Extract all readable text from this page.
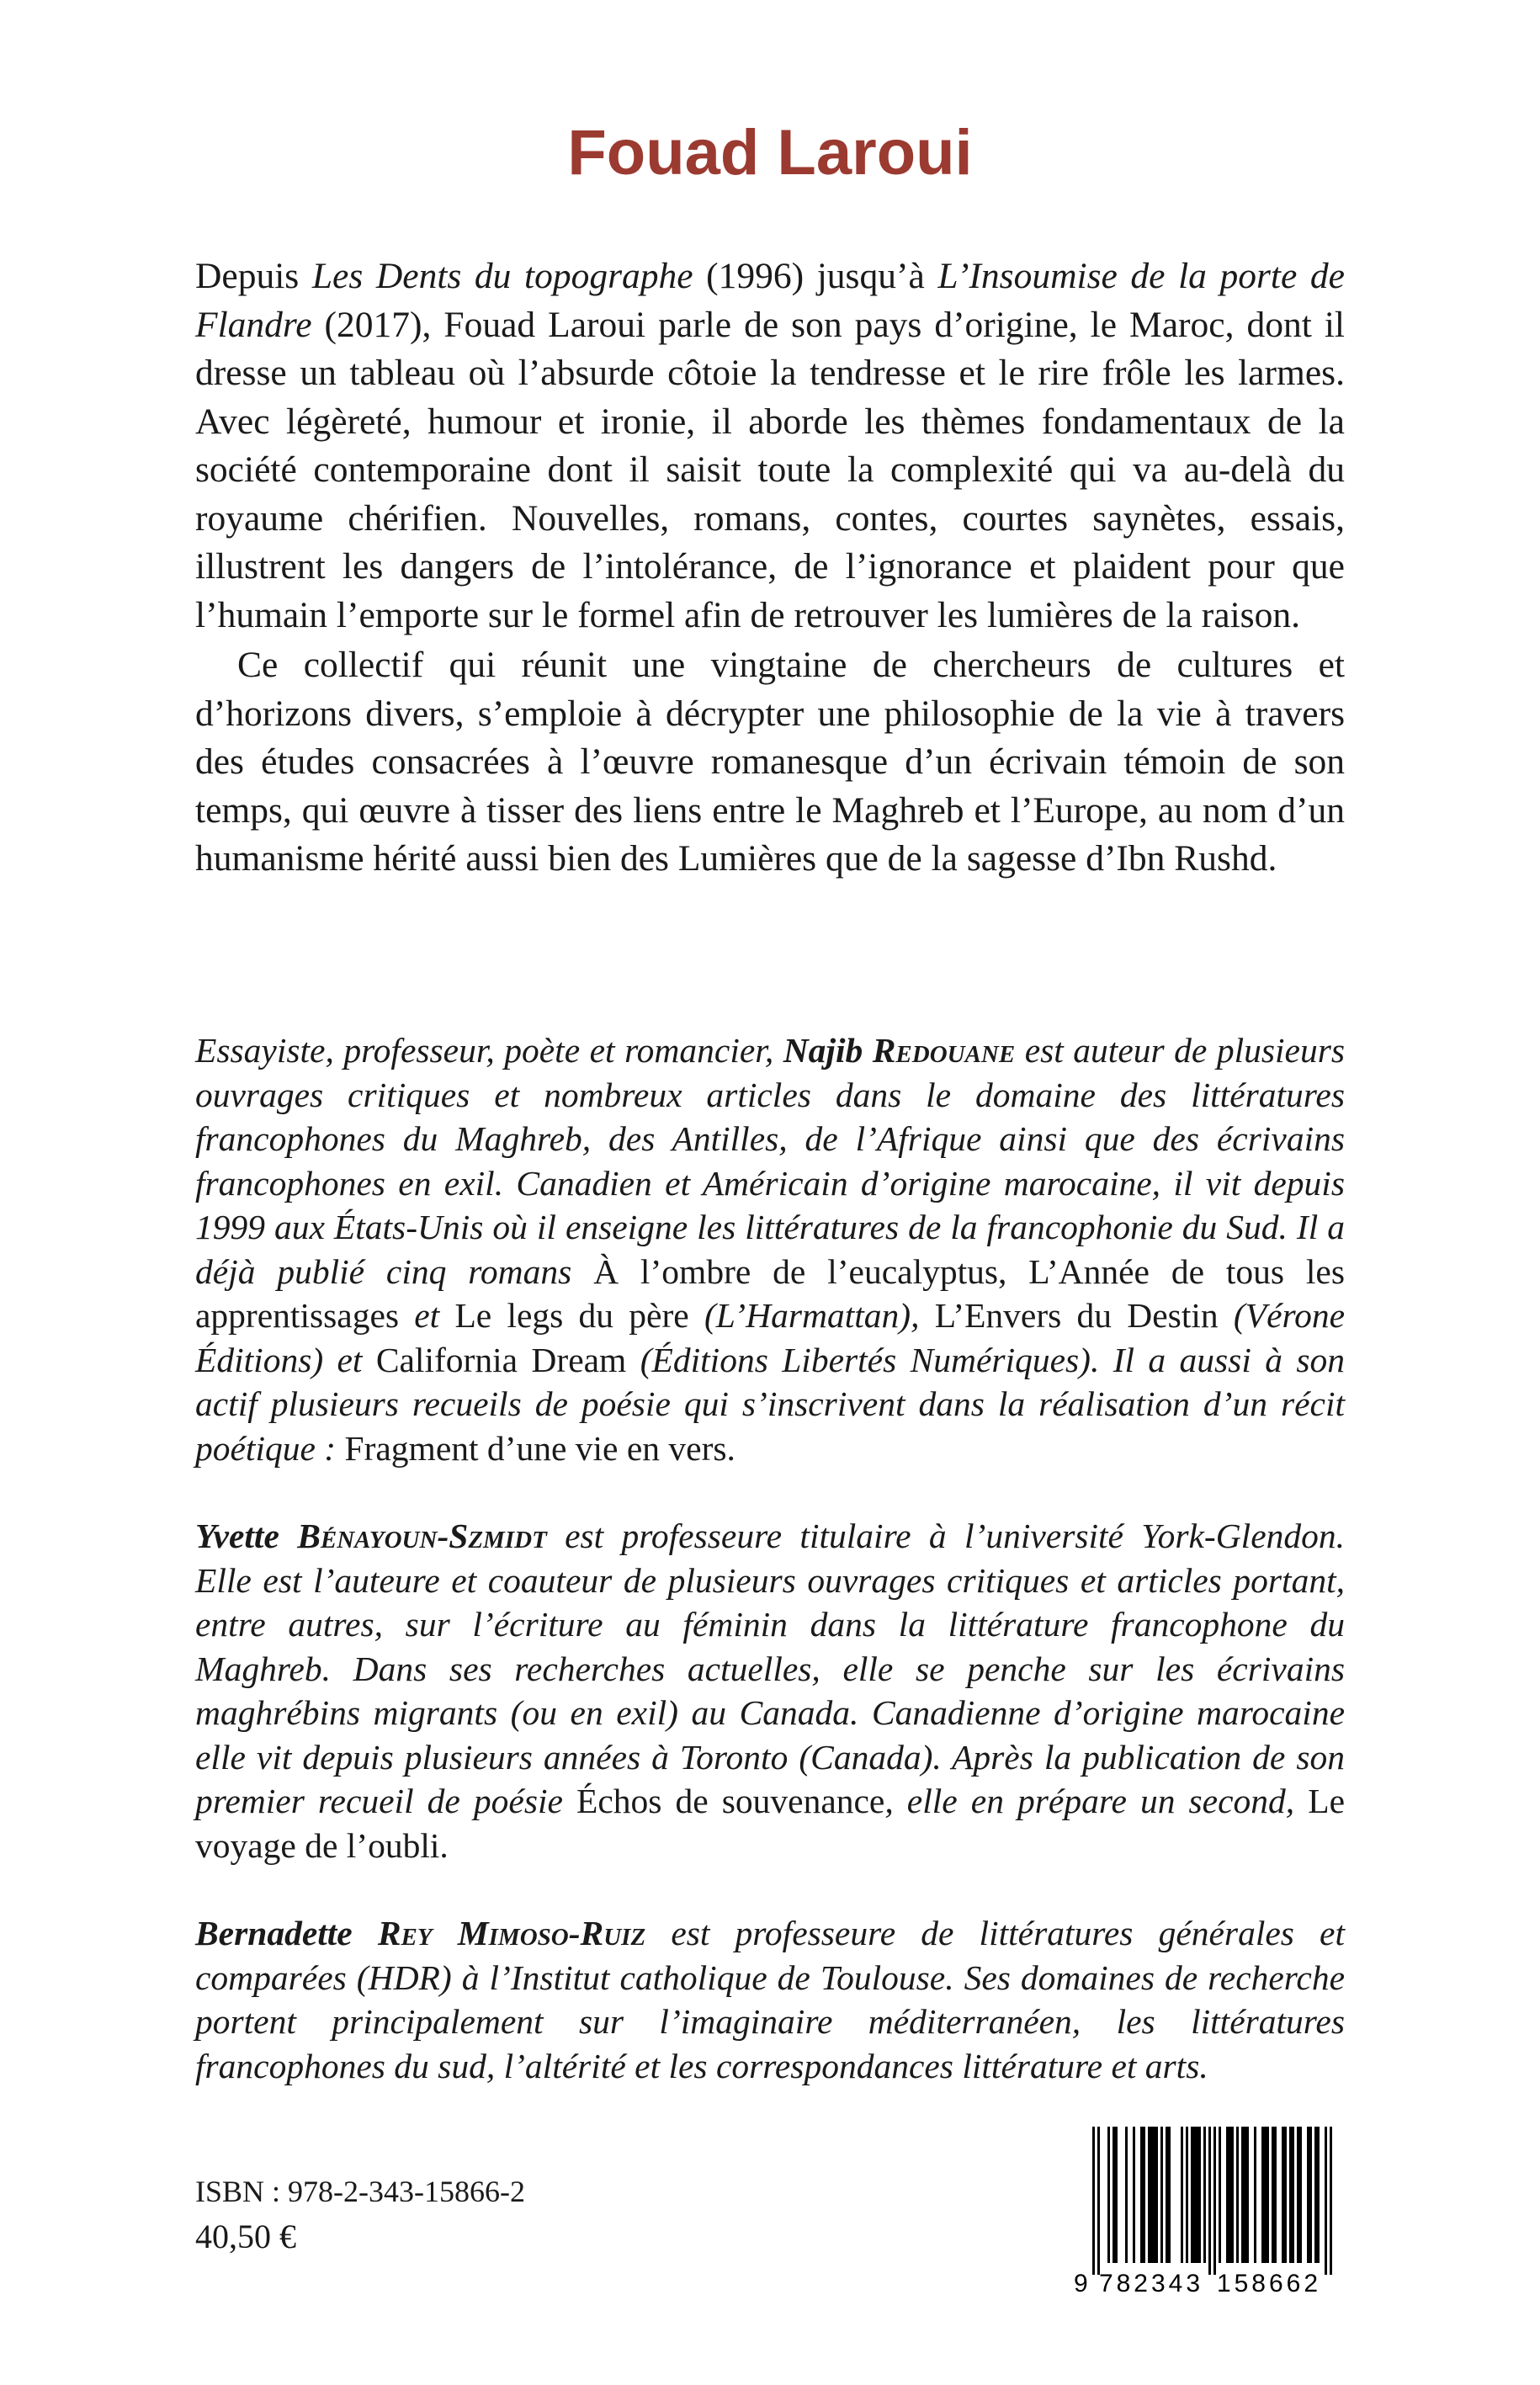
Fouad Laroui

Depuis Les Dents du topographe (1996) jusqu’à L’Insoumise de la porte de Flandre (2017), Fouad Laroui parle de son pays d’origine, le Maroc, dont il dresse un tableau où l’absurde côtoie la tendresse et le rire frôle les larmes. Avec légèreté, humour et ironie, il aborde les thèmes fondamentaux de la société contemporaine dont il saisit toute la complexité qui va au-delà du royaume chérifien. Nouvelles, romans, contes, courtes saynètes, essais, illustrent les dangers de l’intolérance, de l’ignorance et plaident pour que l’humain l’emporte sur le formel afin de retrouver les lumières de la raison.

Ce collectif qui réunit une vingtaine de chercheurs de cultures et d’horizons divers, s’emploie à décrypter une philosophie de la vie à travers des études consacrées à l’œuvre romanesque d’un écrivain témoin de son temps, qui œuvre à tisser des liens entre le Maghreb et l’Europe, au nom d’un humanisme hérité aussi bien des Lumières que de la sagesse d’Ibn Rushd.

Essayiste, professeur, poète et romancier, Najib Redouane est auteur de plusieurs ouvrages critiques et nombreux articles dans le domaine des littératures francophones du Maghreb, des Antilles, de l’Afrique ainsi que des écrivains francophones en exil. Canadien et Américain d’origine marocaine, il vit depuis 1999 aux États-Unis où il enseigne les littératures de la francophonie du Sud. Il a déjà publié cinq romans À l’ombre de l’eucalyptus, L’Année de tous les apprentissages et Le legs du père (L’Harmattan), L’Envers du Destin (Vérone Éditions) et California Dream (Éditions Libertés Numériques). Il a aussi à son actif plusieurs recueils de poésie qui s’inscrivent dans la réalisation d’un récit poétique : Fragment d’une vie en vers.

Yvette Bénayoun-Szmidt est professeure titulaire à l’université York-Glendon. Elle est l’auteure et coauteur de plusieurs ouvrages critiques et articles portant, entre autres, sur l’écriture au féminin dans la littérature francophone du Maghreb. Dans ses recherches actuelles, elle se penche sur les écrivains maghrébins migrants (ou en exil) au Canada. Canadienne d’origine marocaine elle vit depuis plusieurs années à Toronto (Canada). Après la publication de son premier recueil de poésie Échos de souvenance, elle en prépare un second, Le voyage de l’oubli.

Bernadette Rey Mimoso-Ruiz est professeure de littératures générales et comparées (HDR) à l’Institut catholique de Toulouse. Ses domaines de recherche portent principalement sur l’imaginaire méditerranéen, les littératures francophones du sud, l’altérité et les correspondances littérature et arts.

ISBN : 978-2-343-15866-2
40,50 €
9 782343 158662
